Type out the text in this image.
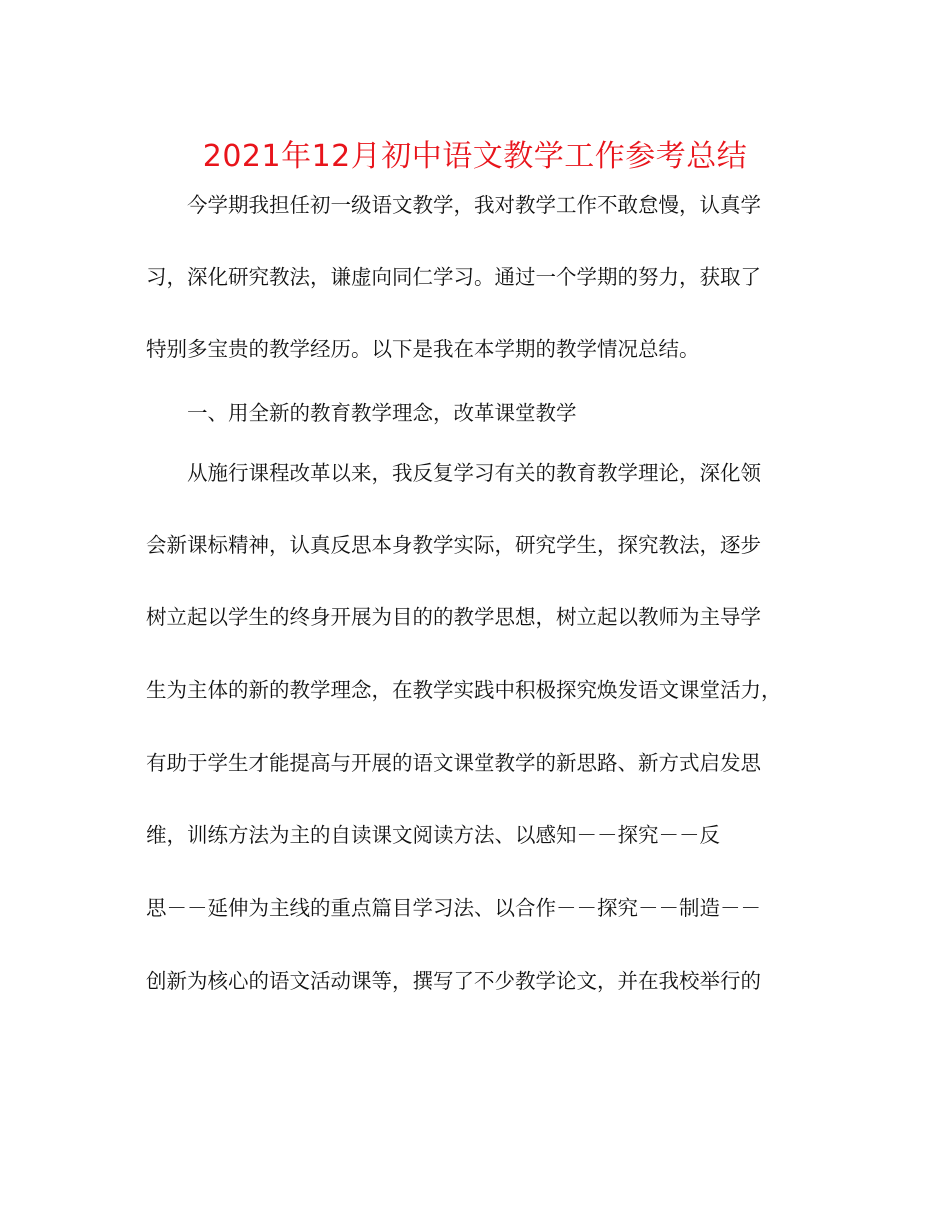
2021年12月初中语文教学工作参考总结
今学期我担任初一级语文教学，我对教学工作不敢怠慢，认真学
习，深化研究教法，谦虚向同仁学习。通过一个学期的努力，获取了
特别多宝贵的教学经历。以下是我在本学期的教学情况总结。
一、用全新的教育教学理念，改革课堂教学
从施行课程改革以来，我反复学习有关的教育教学理论，深化领
会新课标精神，认真反思本身教学实际，研究学生，探究教法，逐步
树立起以学生的终身开展为目的的教学思想，树立起以教师为主导学
生为主体的新的教学理念，在教学实践中积极探究焕发语文课堂活力，
有助于学生才能提高与开展的语文课堂教学的新思路、新方式启发思
维，训练方法为主的自读课文阅读方法、以感知－－探究－－反
思－－延伸为主线的重点篇目学习法、以合作－－探究－－制造－－
创新为核心的语文活动课等，撰写了不少教学论文，并在我校举行的
